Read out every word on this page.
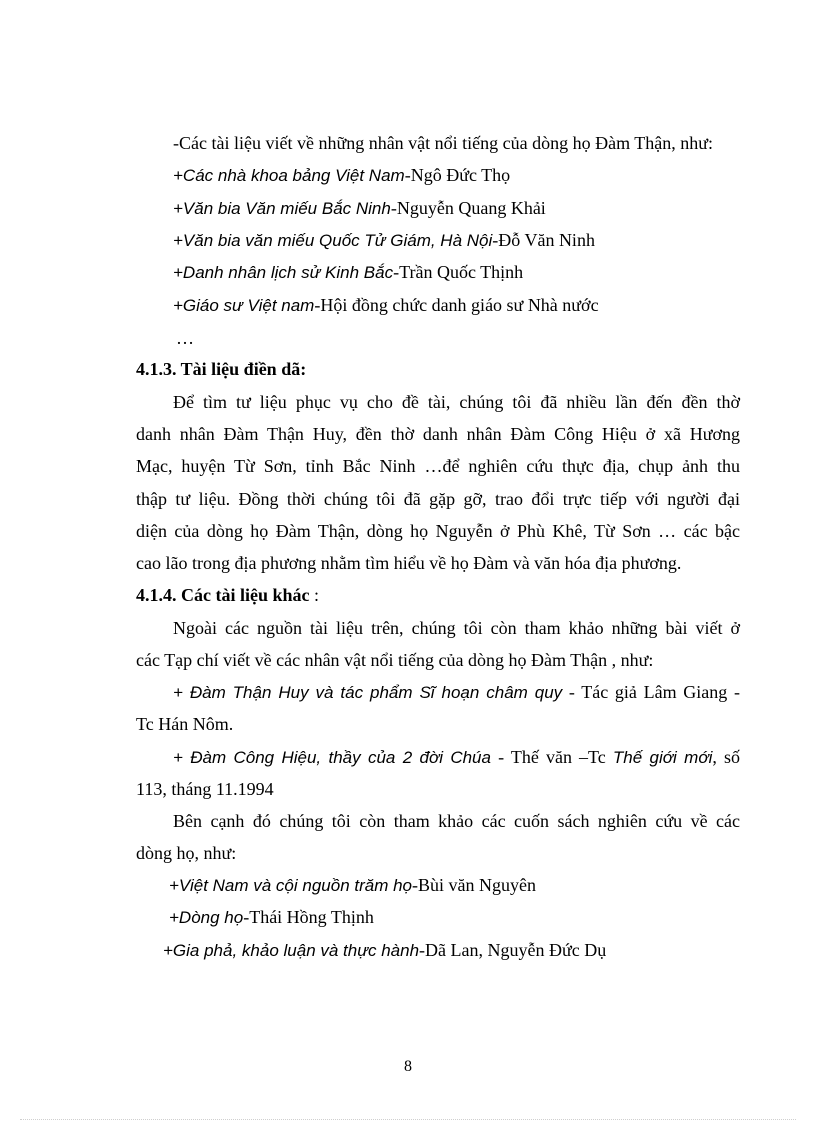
-Các tài liệu viết về những nhân vật nổi tiếng của dòng họ Đàm Thận, như:
+Các nhà khoa bảng Việt Nam-Ngô Đức Thọ
+Văn bia Văn miếu Bắc Ninh-Nguyễn Quang Khải
+Văn bia văn miếu Quốc Tử Giám, Hà Nội-Đỗ Văn Ninh
+Danh nhân lịch sử Kinh Bắc-Trần Quốc Thịnh
+Giáo sư Việt nam-Hội đồng chức danh giáo sư Nhà nước
…
4.1.3. Tài liệu điền dã:
Để tìm tư liệu phục vụ cho đề tài, chúng tôi đã nhiều lần đến đền thờ
danh nhân Đàm Thận Huy, đền thờ danh nhân Đàm Công Hiệu ở xã Hương
Mạc, huyện Từ Sơn, tỉnh Bắc Ninh …để nghiên cứu thực địa, chụp ảnh thu
thập tư liệu. Đồng thời chúng tôi đã gặp gỡ, trao đổi trực tiếp với người đại
diện của dòng họ Đàm Thận, dòng họ Nguyễn ở Phù Khê, Từ Sơn … các bậc
cao lão trong địa phương nhằm tìm hiểu về họ Đàm và văn hóa địa phương.
4.1.4. Các tài liệu khác :
Ngoài các nguồn tài liệu trên, chúng tôi còn tham khảo những bài viết ở
các Tạp chí viết về các nhân vật nổi tiếng của dòng họ Đàm Thận , như:
+ Đàm Thận Huy và tác phẩm Sĩ hoạn châm quy - Tác giả Lâm Giang -
Tc Hán Nôm.
+ Đàm Công Hiệu, thầy của 2 đời Chúa - Thế văn –Tc Thế giới mới, số
113, tháng 11.1994
Bên cạnh đó chúng tôi còn tham khảo các cuốn sách nghiên cứu về các
dòng họ, như:
+Việt Nam và cội nguồn trăm họ-Bùi văn Nguyên
+Dòng họ-Thái Hồng Thịnh
+Gia phả, khảo luận và thực hành-Dã Lan, Nguyễn Đức Dụ
8
